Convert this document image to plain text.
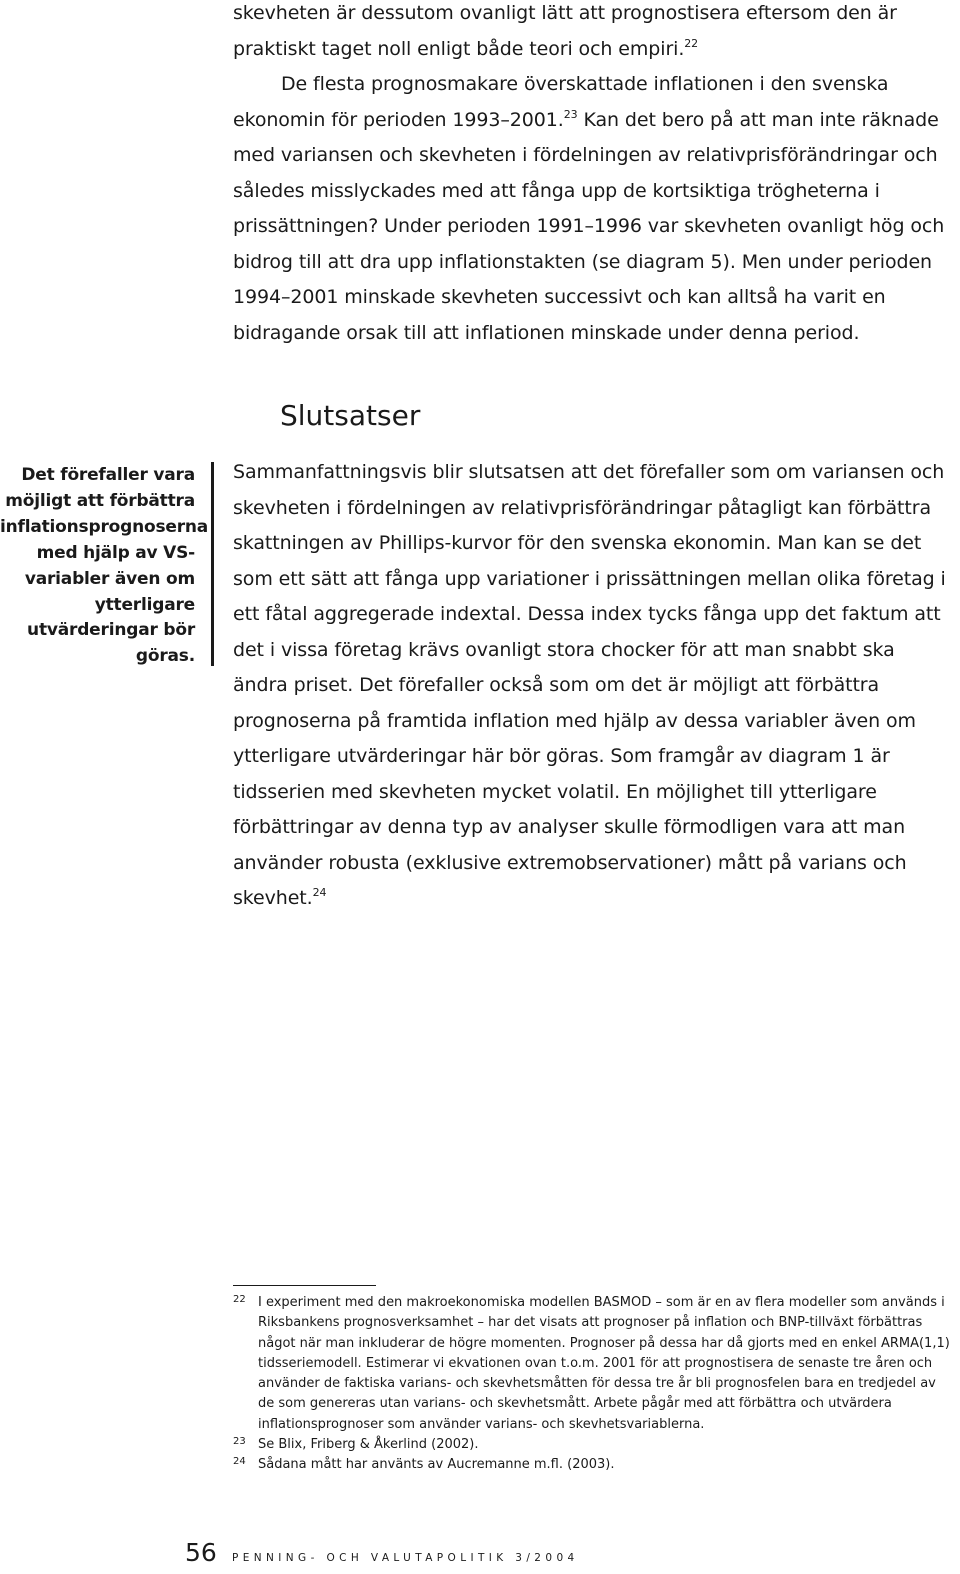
skevheten är dessutom ovanligt lätt att prognostisera eftersom den är praktiskt taget noll enligt både teori och empiri.$^{22}$

De flesta prognosmakare överskattade inflationen i den svenska ekonomin för perioden 1993–2001.23 Kan det bero på att man inte räknade med variansen och skevheten i fördelningen av relativprisförändringar och således misslyckades med att fånga upp de kortsiktiga trögheterna i prissättningen? Under perioden 1991–1996 var skevheten ovanligt hög och bidrog till att dra upp inflationstakten (se diagram 5). Men under perioden 1994–2001 minskade skevheten successivt och kan alltså ha varit en bidragande orsak till att inflationen minskade under denna period.

Slutsatser
Det förefaller vara möjligt att förbättra inflationsprognoserna med hjälp av VS-variabler även om ytterligare utvärderingar bör göras.

Sammanfattningsvis blir slutsatsen att det förefaller som om variansen och skevheten i fördelningen av relativprisförändringar påtagligt kan förbättra skattningen av Phillips-kurvor för den svenska ekonomin. Man kan se det som ett sätt att fånga upp variationer i prissättningen mellan olika företag i ett fåtal aggregerade indextal. Dessa index tycks fånga upp det faktum att det i vissa företag krävs ovanligt stora chocker för att man snabbt ska ändra priset. Det förefaller också som om det är möjligt att förbättra prognoserna på framtida inflation med hjälp av dessa variabler även om ytterligare utvärderingar här bör göras. Som framgår av diagram 1 är tidsserien med skevheten mycket volatil. En möjlighet till ytterligare förbättringar av denna typ av analyser skulle förmodligen vara att man använder robusta (exklusive extremobservationer) mått på varians och skevhet.$^{24}$

22 I experiment med den makroekonomiska modellen BASMOD – som är en av flera modeller som används i Riksbankens prognosverksamhet – har det visats att prognoser på inflation och BNP-tillväxt förbättras något när man inkluderar de högre momenten. Prognoser på dessa har då gjorts med en enkel ARMA(1,1) tidsseriemodell. Estimerar vi ekvationen ovan t.o.m. 2001 för att prognostisera de senaste tre åren och använder de faktiska varians- och skevhetsmåtten för dessa tre år bli prognosfelen bara en tredjedel av de som genereras utan varians- och skevhetsmått. Arbete pågår med att förbättra och utvärdera inflationsprognoser som använder varians- och skevhetsvariablerna.
23 Se Blix, Friberg & Åkerlind (2002).
24 Sådana mått har använts av Aucremanne m.fl. (2003).
56	PENNING- OCH VALUTAPOLITIK 3/2004
